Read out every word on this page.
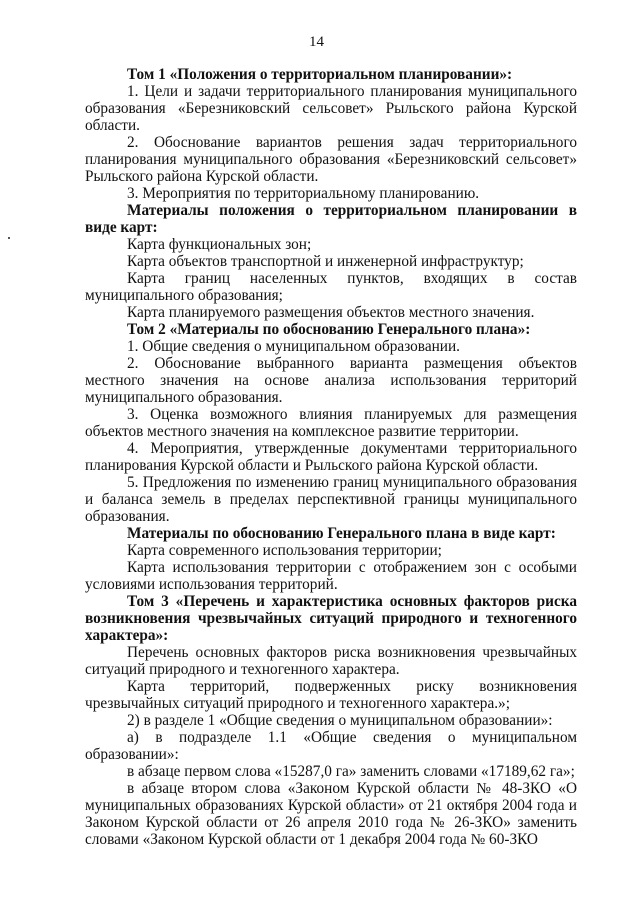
14

Том 1 «Положения о территориальном планировании»:

1. Цели и задачи территориального планирования муниципального образования «Березниковский сельсовет» Рыльского района Курской области.

2. Обоснование вариантов решения задач территориального планирования муниципального образования «Березниковский сельсовет» Рыльского района Курской области.

3. Мероприятия по территориальному планированию.

Материалы положения о территориальном планировании в виде карт:

Карта функциональных зон;

Карта объектов транспортной и инженерной инфраструктур;

Карта границ населенных пунктов, входящих в состав муниципального образования;

Карта планируемого размещения объектов местного значения.

Том 2 «Материалы по обоснованию Генерального плана»:

1. Общие сведения о муниципальном образовании.

2. Обоснование выбранного варианта размещения объектов местного значения на основе анализа использования территорий муниципального образования.

3. Оценка возможного влияния планируемых для размещения объектов местного значения на комплексное развитие территории.

4. Мероприятия, утвержденные документами территориального планирования Курской области и Рыльского района Курской области.

5. Предложения по изменению границ муниципального образования и баланса земель в пределах перспективной границы муниципального образования.

Материалы по обоснованию Генерального плана в виде карт:

Карта современного использования территории;

Карта использования территории с отображением зон с особыми условиями использования территорий.

Том 3 «Перечень и характеристика основных факторов риска возникновения чрезвычайных ситуаций природного и техногенного характера»:

Перечень основных факторов риска возникновения чрезвычайных ситуаций природного и техногенного характера.

Карта территорий, подверженных риску возникновения чрезвычайных ситуаций природного и техногенного характера.»;

2) в разделе 1 «Общие сведения о муниципальном образовании»:

а) в подразделе 1.1 «Общие сведения о муниципальном образовании»:

в абзаце первом слова «15287,0 га» заменить словами «17189,62 га»;

в абзаце втором слова «Законом Курской области № 48-ЗКО «О муниципальных образованиях Курской области» от 21 октября 2004 года и Законом Курской области от 26 апреля 2010 года № 26-ЗКО» заменить словами «Законом Курской области от 1 декабря 2004 года № 60-ЗКО
